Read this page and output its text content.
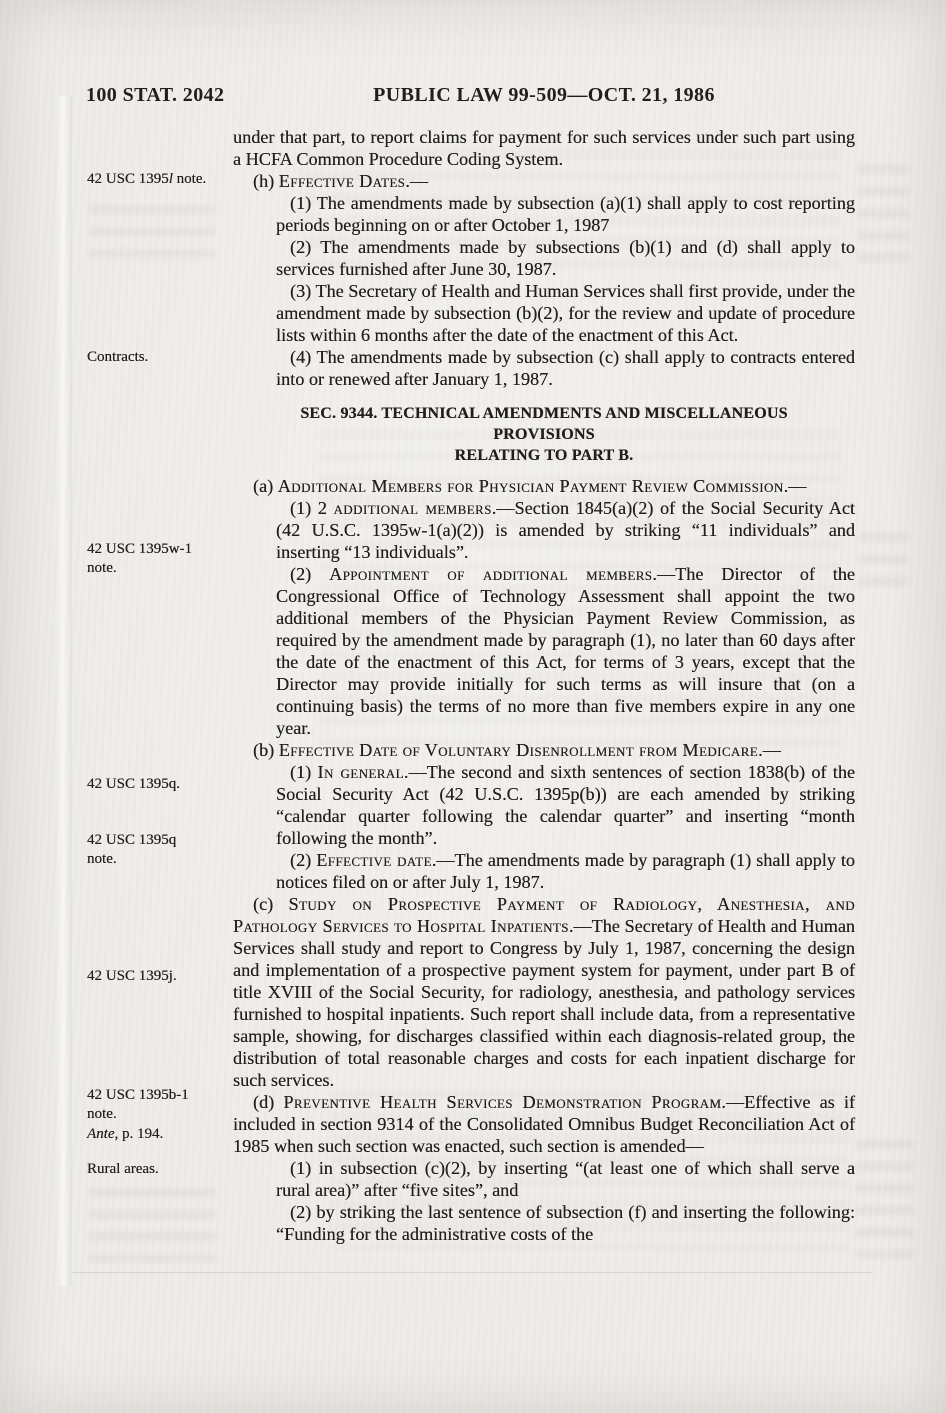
100 STAT. 2042	PUBLIC LAW 99-509—OCT. 21, 1986
42 USC 1395l note.
Contracts.
42 USC 1395w-1 note.
42 USC 1395q.
42 USC 1395q note.
42 USC 1395j.
42 USC 1395b-1 note.
Ante, p. 194.
Rural areas.
under that part, to report claims for payment for such services under such part using a HCFA Common Procedure Coding System.
(h) Effective Dates.—
(1) The amendments made by subsection (a)(1) shall apply to cost reporting periods beginning on or after October 1, 1987
(2) The amendments made by subsections (b)(1) and (d) shall apply to services furnished after June 30, 1987.
(3) The Secretary of Health and Human Services shall first provide, under the amendment made by subsection (b)(2), for the review and update of procedure lists within 6 months after the date of the enactment of this Act.
(4) The amendments made by subsection (c) shall apply to contracts entered into or renewed after January 1, 1987.
SEC. 9344. TECHNICAL AMENDMENTS AND MISCELLANEOUS PROVISIONS
RELATING TO PART B.
(a) Additional Members for Physician Payment Review Commission.—
(1) 2 additional members.—Section 1845(a)(2) of the Social Security Act (42 U.S.C. 1395w-1(a)(2)) is amended by striking “11 individuals” and inserting “13 individuals”.
(2) Appointment of additional members.—The Director of the Congressional Office of Technology Assessment shall appoint the two additional members of the Physician Payment Review Commission, as required by the amendment made by paragraph (1), no later than 60 days after the date of the enactment of this Act, for terms of 3 years, except that the Director may provide initially for such terms as will insure that (on a continuing basis) the terms of no more than five members expire in any one year.
(b) Effective Date of Voluntary Disenrollment from Medicare.—
(1) In general.—The second and sixth sentences of section 1838(b) of the Social Security Act (42 U.S.C. 1395p(b)) are each amended by striking “calendar quarter following the calendar quarter” and inserting “month following the month”.
(2) Effective date.—The amendments made by paragraph (1) shall apply to notices filed on or after July 1, 1987.
(c) Study on Prospective Payment of Radiology, Anesthesia, and Pathology Services to Hospital Inpatients.—The Secretary of Health and Human Services shall study and report to Congress by July 1, 1987, concerning the design and implementation of a prospective payment system for payment, under part B of title XVIII of the Social Security, for radiology, anesthesia, and pathology services furnished to hospital inpatients. Such report shall include data, from a representative sample, showing, for discharges classified within each diagnosis-related group, the distribution of total reasonable charges and costs for each inpatient discharge for such services.
(d) Preventive Health Services Demonstration Program.—Effective as if included in section 9314 of the Consolidated Omnibus Budget Reconciliation Act of 1985 when such section was enacted, such section is amended—
(1) in subsection (c)(2), by inserting “(at least one of which shall serve a rural area)” after “five sites”, and
(2) by striking the last sentence of subsection (f) and inserting the following: “Funding for the administrative costs of the
